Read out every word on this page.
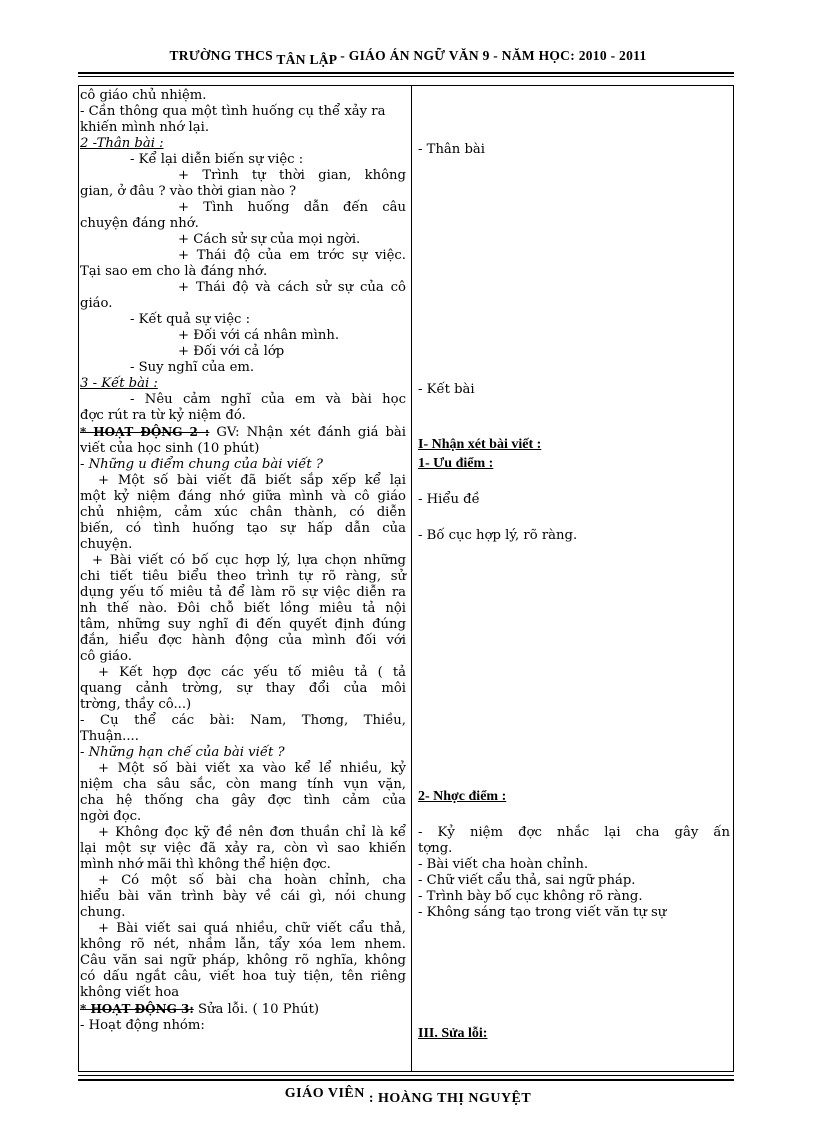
TRƯỜNG THCS TÂN LẬP - GIÁO ÁN NGỮ VĂN 9 - NĂM HỌC: 2010 - 2011
cô giáo chủ nhiệm.
- Cần thông qua một tình huống cụ thể xảy ra
khiến mình nhớ lại.
2 -Thân bài :
- Kể lại diễn biến sự việc :
+ Trình tự thời gian, không
gian, ở đâu ? vào thời gian nào ?
+ Tình huống dẫn đến câu
chuyện đáng nhớ.
+ Cách sử sự của mọi ngời.
+ Thái độ của em trớc sự việc.
Tại sao em cho là đáng nhớ.
+ Thái độ và cách sử sự của cô
giáo.
- Kết quả sự việc :
+ Đối với cá nhân mình.
+ Đối với cả lớp
- Suy nghĩ của em.
3 - Kết bài :
- Nêu cảm nghĩ của em và bài học
đợc rút ra từ kỷ niệm đó.
* HOẠT ĐỘNG 2 : GV: Nhận xét đánh giá bài
viết của học sinh (10 phút)
- Những u điểm chung của bài viết ?
+ Một số bài viết đã biết sắp xếp kể lại
một kỷ niệm đáng nhớ giữa mình và cô giáo
chủ nhiệm, cảm xúc chân thành, có diễn
biến, có tình huống tạo sự hấp dẫn của
chuyện.
+ Bài viết có bố cục hợp lý, lựa chọn những
chi tiết tiêu biểu theo trình tự rõ ràng, sử
dụng yếu tố miêu tả để làm rõ sự việc diễn ra
nh thế nào. Đôi chỗ biết lồng miêu tả nội
tâm, những suy nghĩ đi đến quyết định đúng
đắn, hiểu đợc hành động của mình đối với
cô giáo.
+ Kết hợp đợc các yếu tố miêu tả ( tả
quang cảnh trờng, sự thay đổi của môi
trờng, thầy cô...)
- Cụ thể các bài: Nam, Thơng, Thiều,
Thuận....
- Những hạn chế của bài viết ?
+ Một số bài viết xa vào kể lể nhiều, kỷ
niệm cha sâu sắc, còn mang tính vụn vặn,
cha hệ thống cha gây đợc tình cảm của
ngời đọc.
+ Không đọc kỹ đề nên đơn thuần chỉ là kể
lại một sự việc đã xảy ra, còn vì sao khiến
mình nhớ mãi thì không thể hiện đợc.
+ Có một số bài cha hoàn chỉnh, cha
hiểu bài văn trình bày về cái gì, nói chung
chung.
+ Bài viết sai quá nhiều, chữ viết cẩu thả,
không rõ nét, nhầm lẫn, tẩy xóa lem nhem.
Câu văn sai ngữ pháp, không rõ nghĩa, không
có dấu ngắt câu, viết hoa tuỳ tiện, tên riêng
không viết hoa
* HOẠT ĐỘNG 3: Sửa lỗi. ( 10 Phút)
- Hoạt động nhóm:
- Thân bài
- Kết bài
I- Nhận xét bài viết :
1- Ưu điểm :
- Hiểu đề
- Bố cục hợp lý, rõ ràng.
2- Nhợc điểm :
- Kỷ niệm đợc nhắc lại cha gây ấn
tợng.
- Bài viết cha hoàn chỉnh.
- Chữ viết cẩu thả, sai ngữ pháp.
- Trình bày bố cục không rõ ràng.
- Không sáng tạo trong viết văn tự sự
III. Sửa lỗi:
GIÁO VIÊN : HOÀNG THỊ NGUYỆT
